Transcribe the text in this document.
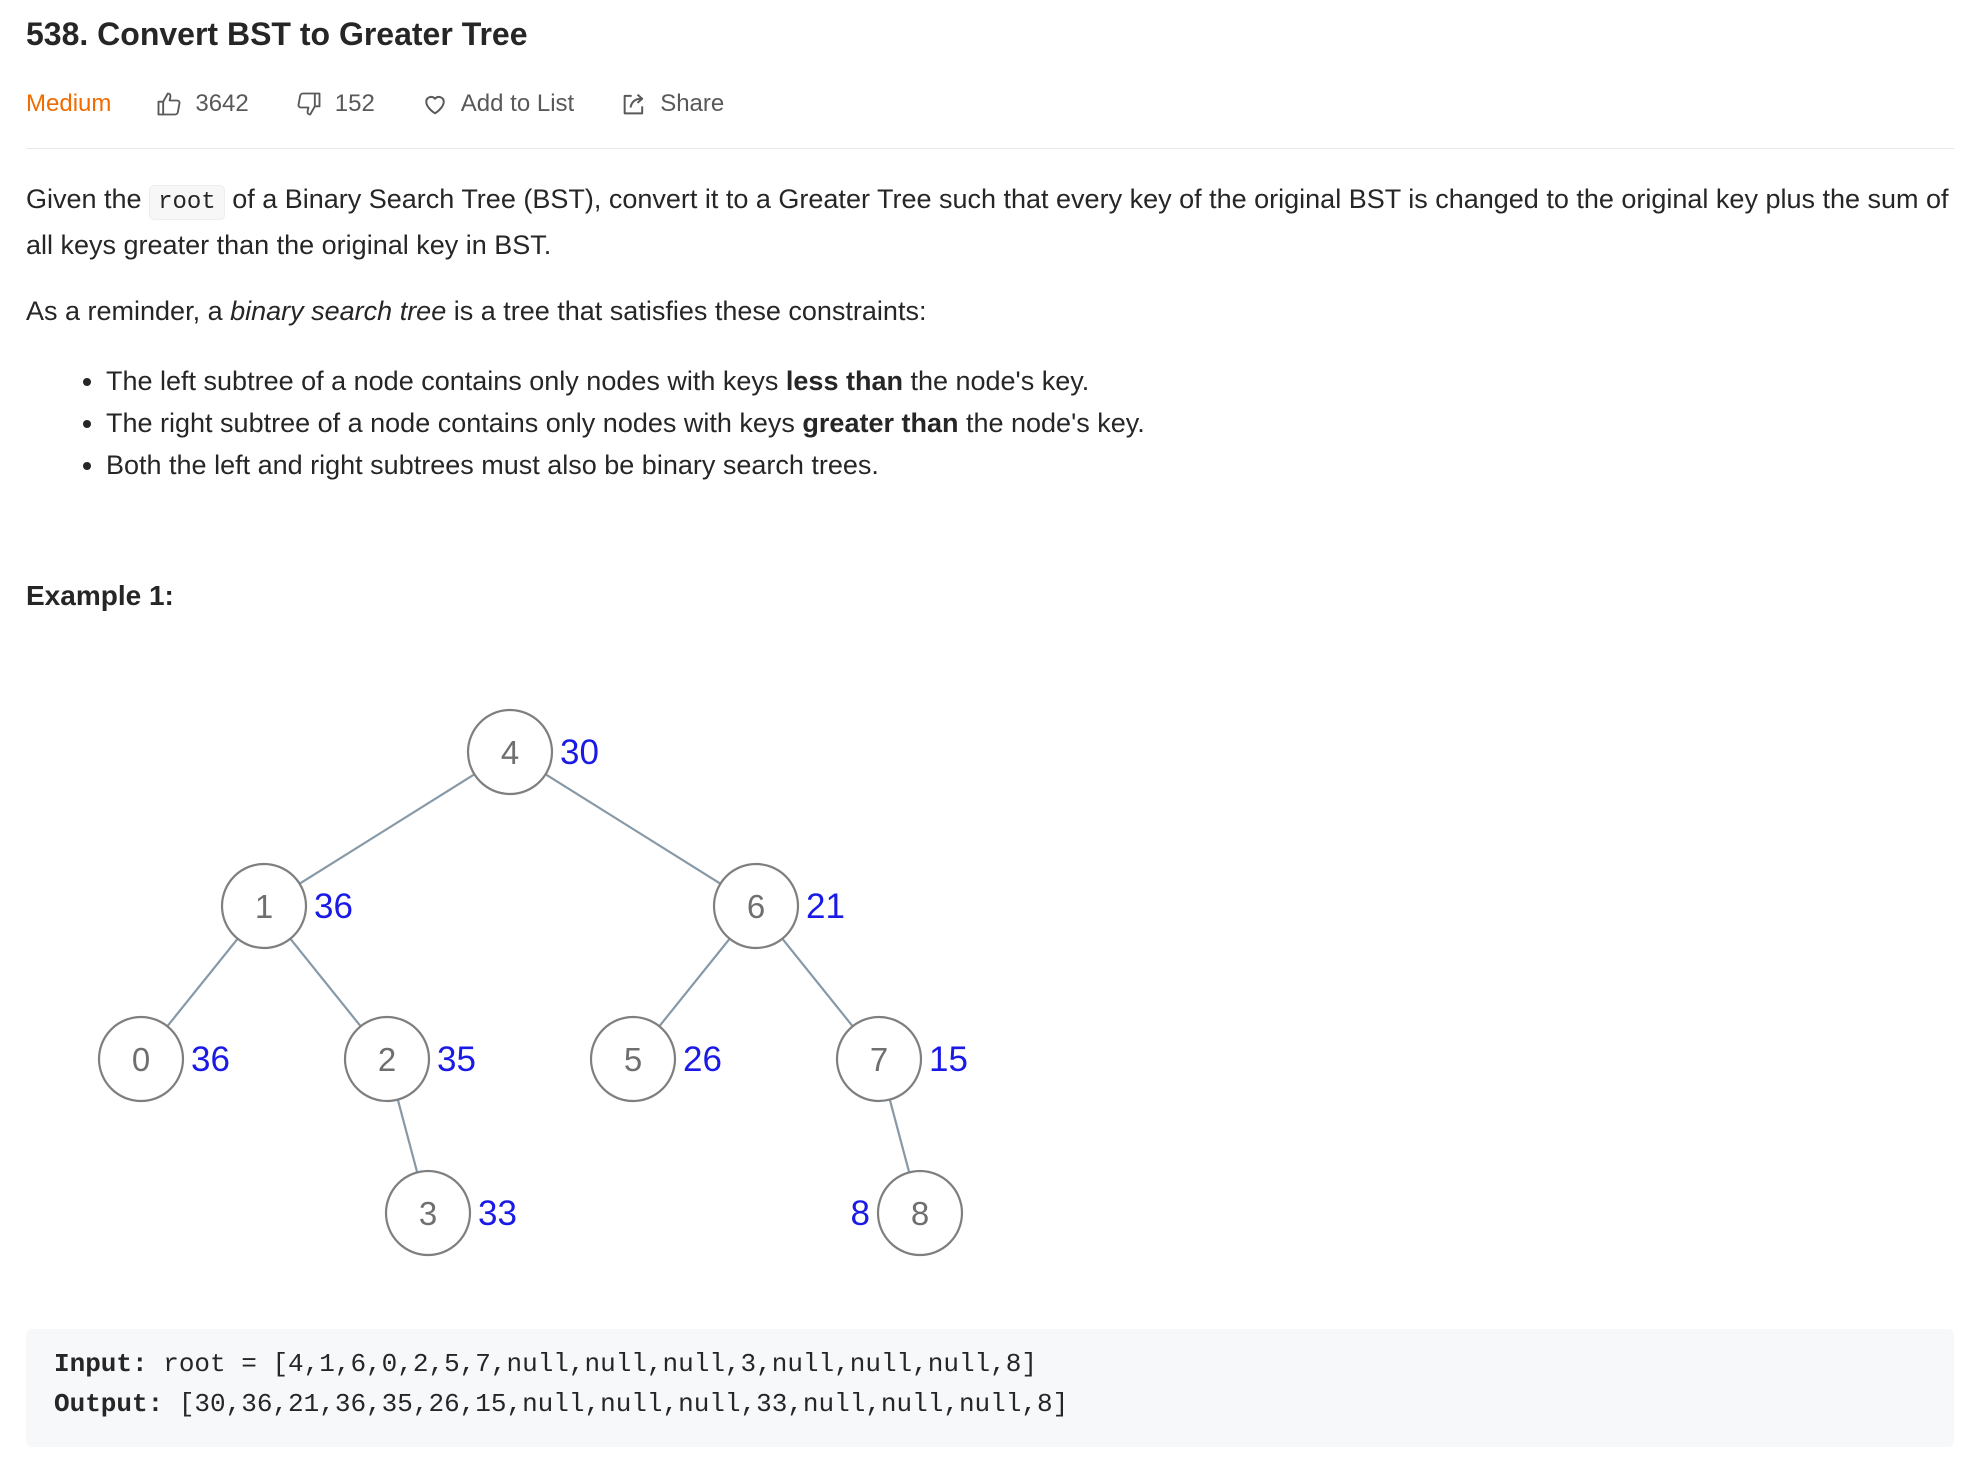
538. Convert BST to Greater Tree
Medium	3642	152	Add to List	Share

Given the root of a Binary Search Tree (BST), convert it to a Greater Tree such that every key of the original BST is changed to the original key plus the sum of all keys greater than the original key in BST.

As a reminder, a binary search tree is a tree that satisfies these constraints:

• The left subtree of a node contains only nodes with keys less than the node's key.
• The right subtree of a node contains only nodes with keys greater than the node's key.
• Both the left and right subtrees must also be binary search trees.
Example 1:
4 30
1 36	6 21
0 36	2 35	5 26	7 15
3 33	8
8
Input: root = [4,1,6,0,2,5,7,null,null,null,3,null,null,null,8]
Output: [30,36,21,36,35,26,15,null,null,null,33,null,null,null,8]
